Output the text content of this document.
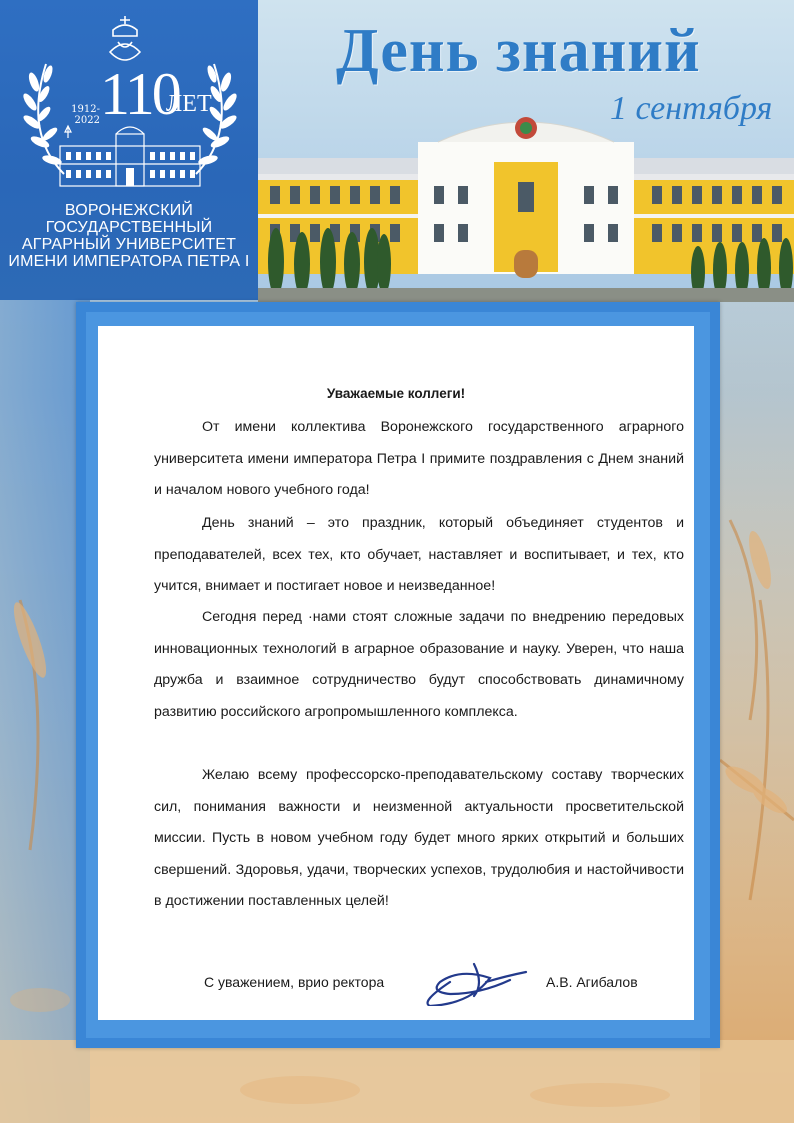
1912-2022 110
ЛЕТ
ВОРОНЕЖСКИЙ
ГОСУДАРСТВЕННЫЙ
АГРАРНЫЙ УНИВЕРСИТЕТ
ИМЕНИ ИМПЕРАТОРА ПЕТРА I
День знаний
1 сентября
Уважаемые коллеги!
От имени коллектива Воронежского государственного аграрного университета имени императора Петра I примите поздравления с Днем знаний и началом нового учебного года!
День знаний – это праздник, который объединяет студентов и преподавателей, всех тех, кто обучает, наставляет и воспитывает, и тех, кто учится, внимает и постигает новое и неизведанное!
Сегодня перед ·нами стоят сложные задачи по внедрению передовых инновационных технологий в аграрное образование и науку. Уверен, что наша дружба и взаимное сотрудничество будут способствовать динамичному развитию российского агропромышленного комплекса.
Желаю всему профессорско-преподавательскому составу творческих сил, понимания важности и неизменной актуальности просветительской миссии. Пусть в новом учебном году будет много ярких открытий и больших свершений. Здоровья, удачи, творческих успехов, трудолюбия и настойчивости в достижении поставленных целей!
С уважением, врио ректора	А.В. Агибалов
